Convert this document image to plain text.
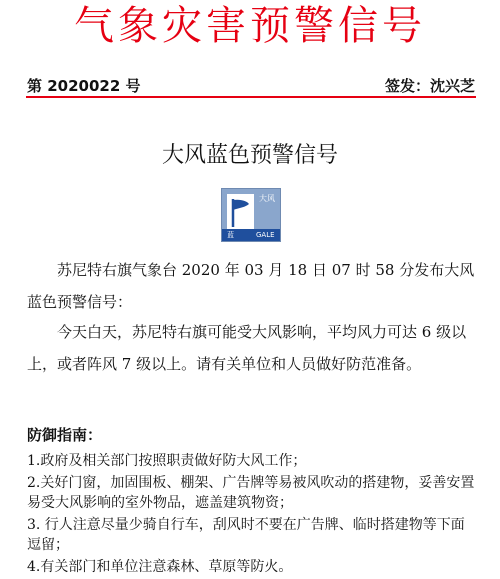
气象灾害预警信号
第 2020022 号	签发：沈兴芝
大风蓝色预警信号
大风
蓝	GALE
苏尼特右旗气象台 2020 年 03 月 18 日 07 时 58 分发布大风蓝色预警信号：
今天白天，苏尼特右旗可能受大风影响，平均风力可达 6 级以上，或者阵风 7 级以上。请有关单位和人员做好防范准备。
防御指南：
1.政府及相关部门按照职责做好防大风工作；
2.关好门窗，加固围板、棚架、广告牌等易被风吹动的搭建物，妥善安置易受大风影响的室外物品，遮盖建筑物资；
3. 行人注意尽量少骑自行车，刮风时不要在广告牌、临时搭建物等下面逗留；
4.有关部门和单位注意森林、草原等防火。
